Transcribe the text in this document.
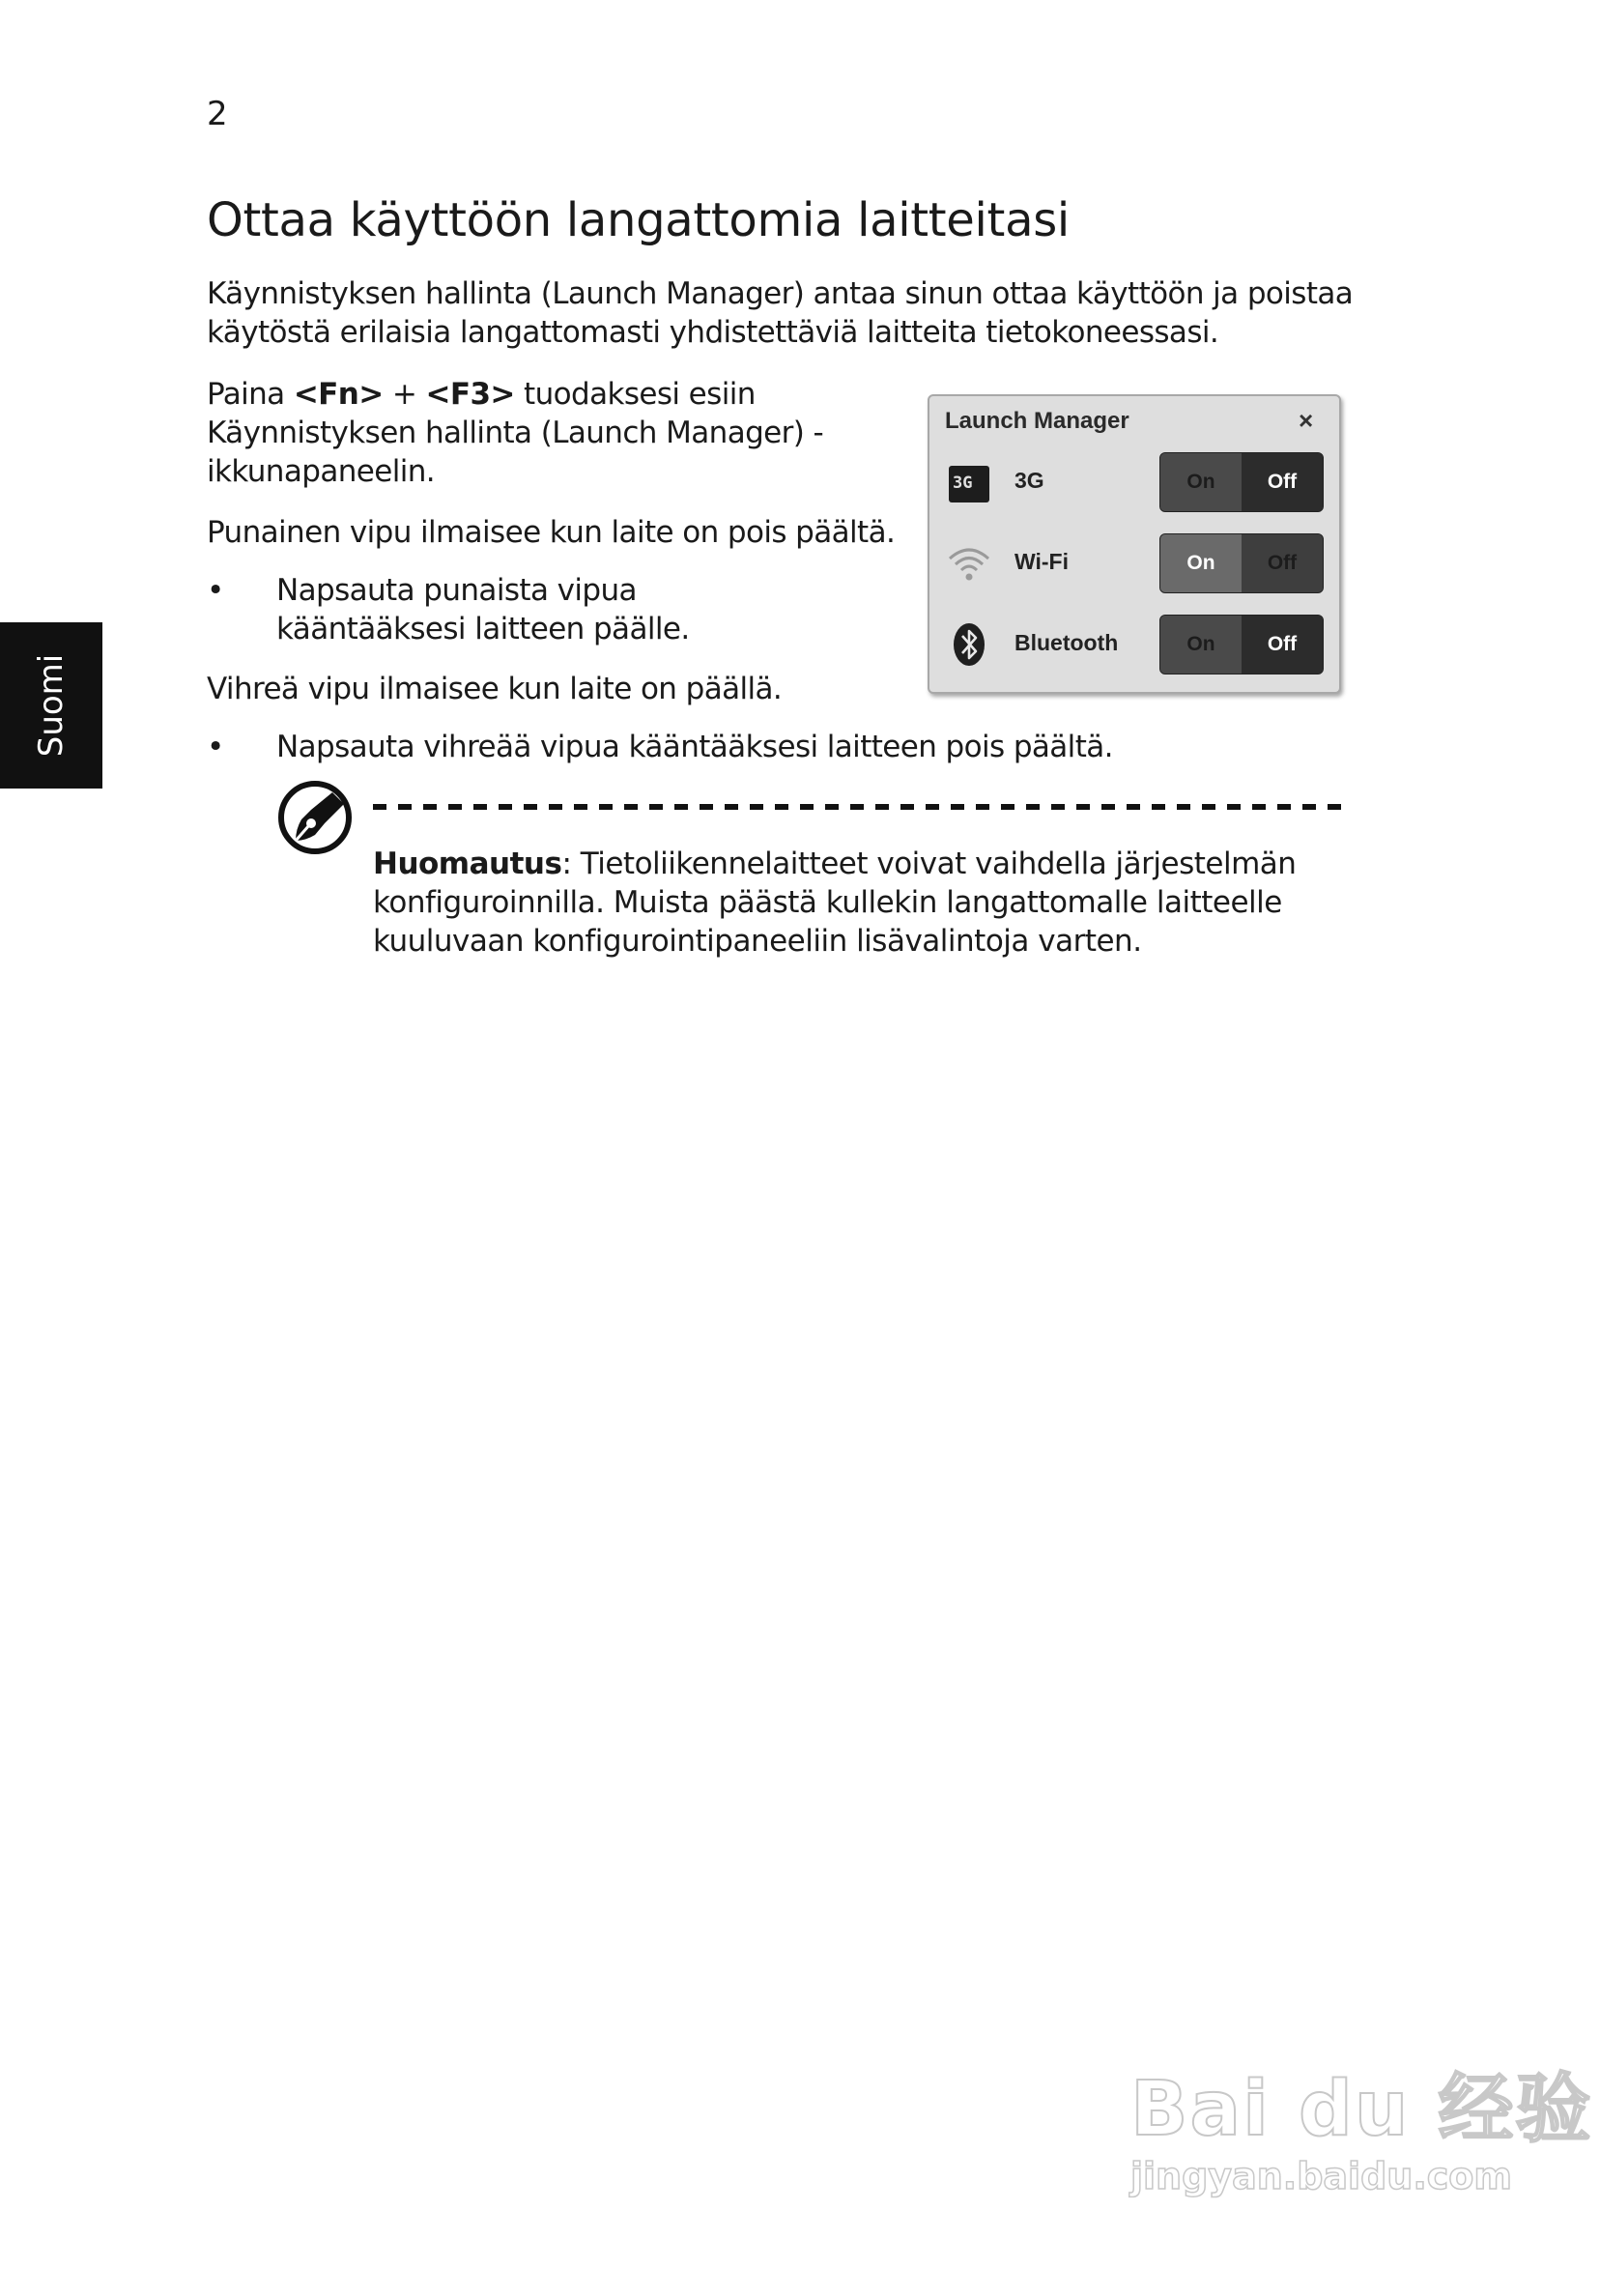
2
Ottaa käyttöön langattomia laitteitasi

Käynnistyksen hallinta (Launch Manager) antaa sinun ottaa käyttöön ja poistaa käytöstä erilaisia langattomasti yhdistettäviä laitteita tietokoneessasi.

Paina <Fn> + <F3> tuodaksesi esiin Käynnistyksen hallinta (Launch Manager) -ikkunapaneelin.

Punainen vipu ilmaisee kun laite on pois päältä.

• Napsauta punaista vipua kääntääksesi laitteen päälle.

Vihreä vipu ilmaisee kun laite on päällä.

• Napsauta vihreää vipua kääntääksesi laitteen pois päältä.
Suomi
Launch Manager	×
3G 3G	On	Off
Wi-Fi	On	Off
Bluetooth	On	Off

Huomautus: Tietoliikennelaitteet voivat vaihdella järjestelmän konfiguroinnilla. Muista päästä kullekin langattomalle laitteelle kuuluvaan konfigurointipaneeliin lisävalintoja varten.

Bai du 经验
jingyan.baidu.com
